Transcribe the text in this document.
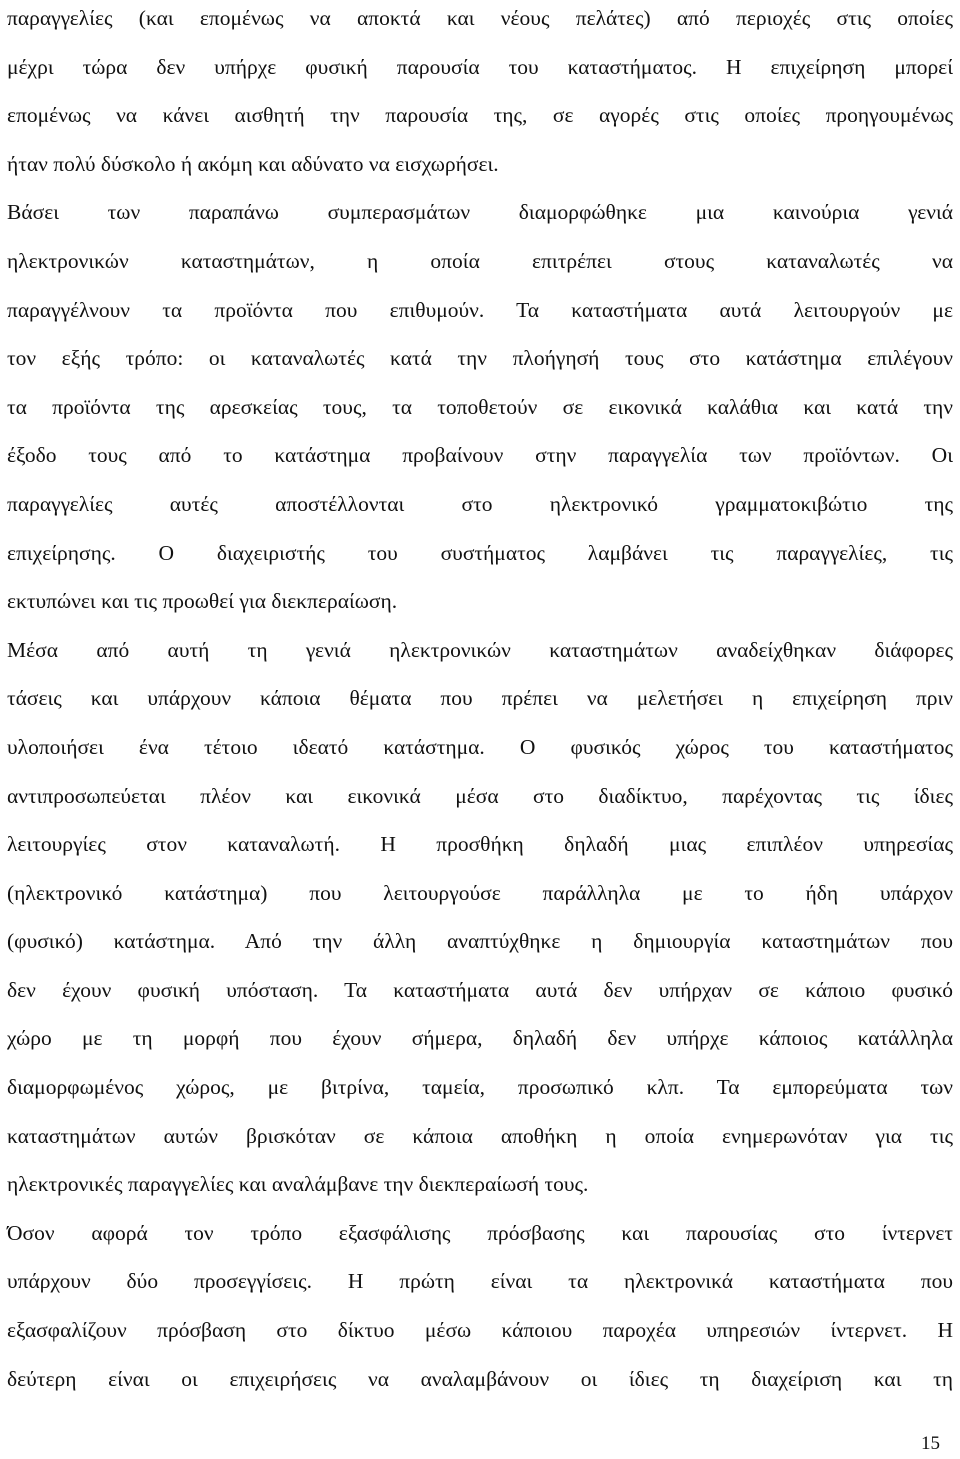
παραγγελίες (και επομένως να αποκτά και νέους πελάτες) από περιοχές στις οποίες
μέχρι τώρα δεν υπήρχε φυσική παρουσία του καταστήματος. Η επιχείρηση μπορεί
επομένως να κάνει αισθητή την παρουσία της, σε αγορές στις οποίες προηγουμένως
ήταν πολύ δύσκολο ή ακόμη και αδύνατο να εισχωρήσει.
Βάσει των παραπάνω συμπερασμάτων διαμορφώθηκε μια καινούρια γενιά
ηλεκτρονικών καταστημάτων, η οποία επιτρέπει στους καταναλωτές να
παραγγέλνουν τα προϊόντα που επιθυμούν. Τα καταστήματα αυτά λειτουργούν με
τον εξής τρόπο: οι καταναλωτές κατά την πλοήγησή τους στο κατάστημα επιλέγουν
τα προϊόντα της αρεσκείας τους, τα τοποθετούν σε εικονικά καλάθια και κατά την
έξοδο τους από το κατάστημα προβαίνουν στην παραγγελία των προϊόντων. Οι
παραγγελίες αυτές αποστέλλονται στο ηλεκτρονικό γραμματοκιβώτιο της
επιχείρησης. Ο διαχειριστής του συστήματος λαμβάνει τις παραγγελίες, τις
εκτυπώνει και τις προωθεί για διεκπεραίωση.
Μέσα από αυτή τη γενιά ηλεκτρονικών καταστημάτων αναδείχθηκαν διάφορες
τάσεις και υπάρχουν κάποια θέματα που πρέπει να μελετήσει η επιχείρηση πριν
υλοποιήσει ένα τέτοιο ιδεατό κατάστημα. Ο φυσικός χώρος του καταστήματος
αντιπροσωπεύεται πλέον και εικονικά μέσα στο διαδίκτυο, παρέχοντας τις ίδιες
λειτουργίες στον καταναλωτή. Η προσθήκη δηλαδή μιας επιπλέον υπηρεσίας
(ηλεκτρονικό κατάστημα) που λειτουργούσε παράλληλα με το ήδη υπάρχον
(φυσικό) κατάστημα. Από την άλλη αναπτύχθηκε η δημιουργία καταστημάτων που
δεν έχουν φυσική υπόσταση. Τα καταστήματα αυτά δεν υπήρχαν σε κάποιο φυσικό
χώρο με τη μορφή που έχουν σήμερα, δηλαδή δεν υπήρχε κάποιος κατάλληλα
διαμορφωμένος χώρος, με βιτρίνα, ταμεία, προσωπικό κλπ. Τα εμπορεύματα των
καταστημάτων αυτών βρισκόταν σε κάποια αποθήκη η οποία ενημερωνόταν για τις
ηλεκτρονικές παραγγελίες και αναλάμβανε την διεκπεραίωσή τους.
Όσον αφορά τον τρόπο εξασφάλισης πρόσβασης και παρουσίας στο ίντερνετ
υπάρχουν δύο προσεγγίσεις. Η πρώτη είναι τα ηλεκτρονικά καταστήματα που
εξασφαλίζουν πρόσβαση στο δίκτυο μέσω κάποιου παροχέα υπηρεσιών ίντερνετ. Η
δεύτερη είναι οι επιχειρήσεις να αναλαμβάνουν οι ίδιες τη διαχείριση και τη
15
